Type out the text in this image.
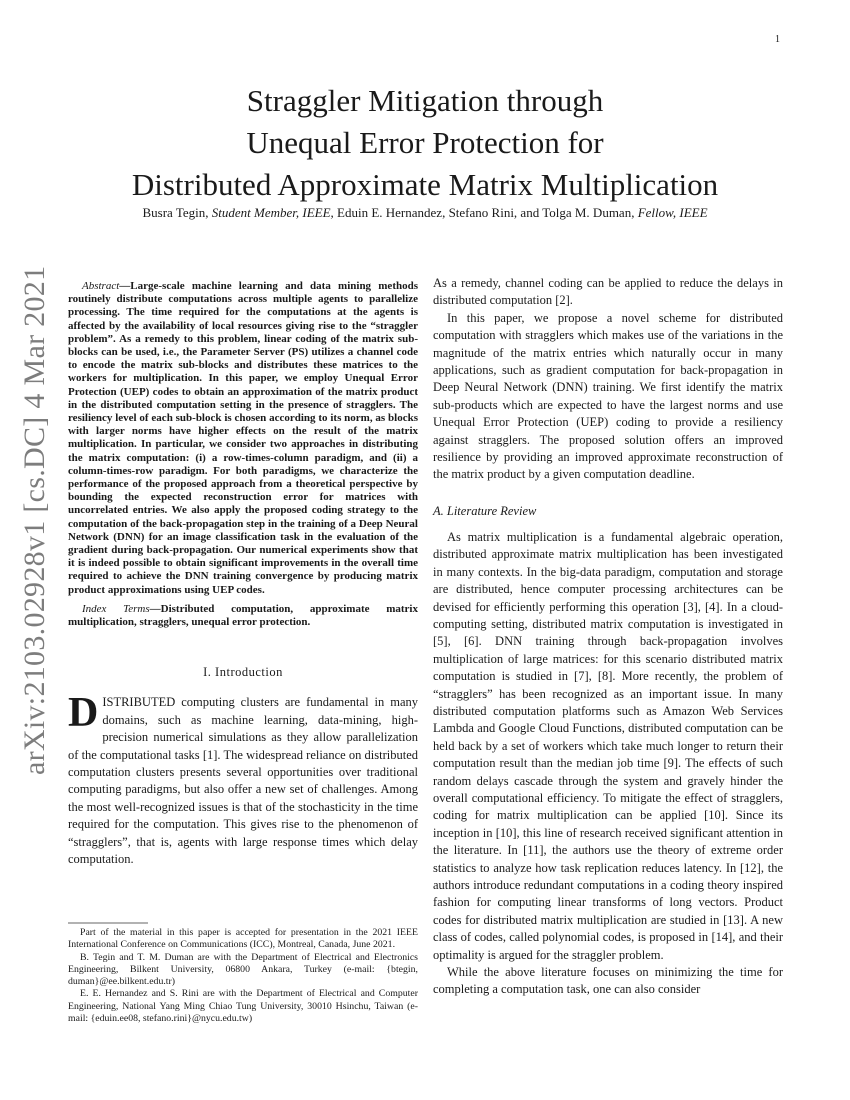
1
arXiv:2103.02928v1 [cs.DC] 4 Mar 2021
Straggler Mitigation through
Unequal Error Protection for
Distributed Approximate Matrix Multiplication
Busra Tegin, Student Member, IEEE, Eduin E. Hernandez, Stefano Rini, and Tolga M. Duman, Fellow, IEEE

Abstract—Large-scale machine learning and data mining methods routinely distribute computations across multiple agents to parallelize processing. The time required for the computations at the agents is affected by the availability of local resources giving rise to the “straggler problem”. As a remedy to this problem, linear coding of the matrix sub-blocks can be used, i.e., the Parameter Server (PS) utilizes a channel code to encode the matrix sub-blocks and distributes these matrices to the workers for multiplication. In this paper, we employ Unequal Error Protection (UEP) codes to obtain an approximation of the matrix product in the distributed computation setting in the presence of stragglers. The resiliency level of each sub-block is chosen according to its norm, as blocks with larger norms have higher effects on the result of the matrix multiplication. In particular, we consider two approaches in distributing the matrix computation: (i) a row-times-column paradigm, and (ii) a column-times-row paradigm. For both paradigms, we characterize the performance of the proposed approach from a theoretical perspective by bounding the expected reconstruction error for matrices with uncorrelated entries. We also apply the proposed coding strategy to the computation of the back-propagation step in the training of a Deep Neural Network (DNN) for an image classification task in the evaluation of the gradient during back-propagation. Our numerical experiments show that it is indeed possible to obtain significant improvements in the overall time required to achieve the DNN training convergence by producing matrix product approximations using UEP codes.

Index Terms—Distributed computation, approximate matrix multiplication, stragglers, unequal error protection.

I. Introduction

DISTRIBUTED computing clusters are fundamental in many domains, such as machine learning, data-mining, high-precision numerical simulations as they allow parallelization of the computational tasks [1]. The widespread reliance on distributed computation clusters presents several opportunities over traditional computing paradigms, but also offer a new set of challenges. Among the most well-recognized issues is that of the stochasticity in the time required for the computation. This gives rise to the phenomenon of “stragglers”, that is, agents with large response times which delay computation.

Part of the material in this paper is accepted for presentation in the 2021 IEEE International Conference on Communications (ICC), Montreal, Canada, June 2021.

B. Tegin and T. M. Duman are with the Department of Electrical and Electronics Engineering, Bilkent University, 06800 Ankara, Turkey (e-mail: {btegin, duman}@ee.bilkent.edu.tr)

E. E. Hernandez and S. Rini are with the Department of Electrical and Computer Engineering, National Yang Ming Chiao Tung University, 30010 Hsinchu, Taiwan (e-mail: {eduin.ee08, stefano.rini}@nycu.edu.tw)

As a remedy, channel coding can be applied to reduce the delays in distributed computation [2].

In this paper, we propose a novel scheme for distributed computation with stragglers which makes use of the variations in the magnitude of the matrix entries which naturally occur in many applications, such as gradient computation for back-propagation in Deep Neural Network (DNN) training. We first identify the matrix sub-products which are expected to have the largest norms and use Unequal Error Protection (UEP) coding to provide a resiliency against stragglers. The proposed solution offers an improved resilience by providing an improved approximate reconstruction of the matrix product by a given computation deadline.

A. Literature Review

As matrix multiplication is a fundamental algebraic operation, distributed approximate matrix multiplication has been investigated in many contexts. In the big-data paradigm, computation and storage are distributed, hence computer processing architectures can be devised for efficiently performing this operation [3], [4]. In a cloud-computing setting, distributed matrix computation is investigated in [5], [6]. DNN training through back-propagation involves multiplication of large matrices: for this scenario distributed matrix computation is studied in [7], [8]. More recently, the problem of “stragglers” has been recognized as an important issue. In many distributed computation platforms such as Amazon Web Services Lambda and Google Cloud Functions, distributed computation can be held back by a set of workers which take much longer to return their computation result than the median job time [9]. The effects of such random delays cascade through the system and gravely hinder the overall computational efficiency. To mitigate the effect of stragglers, coding for matrix multiplication can be applied [10]. Since its inception in [10], this line of research received significant attention in the literature. In [11], the authors use the theory of extreme order statistics to analyze how task replication reduces latency. In [12], the authors introduce redundant computations in a coding theory inspired fashion for computing linear transforms of long vectors. Product codes for distributed matrix multiplication are studied in [13]. A new class of codes, called polynomial codes, is proposed in [14], and their optimality is argued for the straggler problem.

While the above literature focuses on minimizing the time for completing a computation task, one can also consider
